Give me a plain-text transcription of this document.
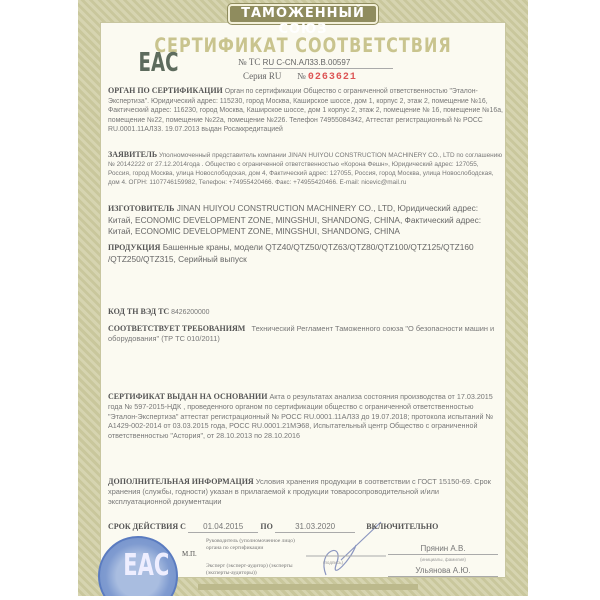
ТАМОЖЕННЫЙ СОЮЗ
СЕРТИФИКАТ СООТВЕТСТВИЯ
EAC	№ ТС RU C-CN.АЛ33.В.00597
Серия RU № 0263621
ОРГАН ПО СЕРТИФИКАЦИИ Орган по сертификации Общество с ограниченной ответственностью "Эталон-Экспертиза". Юридический адрес: 115230, город Москва, Каширское шоссе, дом 1, корпус 2, этаж 2, помещение №16, Фактический адрес: 116230, город Москва, Каширское шоссе, дом 1 корпус 2, этаж 2, помещение № 16, помещение №16а, помещение №22, помещение №22а, помещение №226. Телефон 74955084342, Аттестат регистрационный № РОСС RU.0001.11АЛ33. 19.07.2013 выдан Росаккредитацией
ЗАЯВИТЕЛЬ Уполномоченный представитель компании JINAN HUIYOU CONSTRUCTION MACHINERY CO., LTD по соглашению № 20142222 от 27.12.2014года . Общество с ограниченной ответственностью «Корона Фешн», Юридический адрес: 127055, Россия, город Москва, улица Новослободская, дом 4, Фактический адрес: 127055, Россия, город Москва, улица Новослободская, дом 4. ОГРН: 1107746159982, Телефон: +74955420466. Факс: +74955420466. E-mail: nicevic@mail.ru
ИЗГОТОВИТЕЛЬ JINAN HUIYOU CONSTRUCTION MACHINERY CO., LTD, Юридический адрес: Китай, ECONOMIC DEVELOPMENT ZONE, MINGSHUI, SHANDONG, CHINA, Фактический адрес: Китай, ECONOMIC DEVELOPMENT ZONE, MINGSHUI, SHANDONG, CHINA
ПРОДУКЦИЯ Башенные краны, модели QTZ40/QTZ50/QTZ63/QTZ80/QTZ100/QTZ125/QTZ160 /QTZ250/QTZ315, Серийный выпуск
КОД ТН ВЭД ТС 8426200000
СООТВЕТСТВУЕТ ТРЕБОВАНИЯМ Технический Регламент Таможенного союза "О безопасности машин и оборудования" (ТР ТС 010/2011)
СЕРТИФИКАТ ВЫДАН НА ОСНОВАНИИ Акта о результатах анализа состояния производства от 17.03.2015 года № 597-2015-НДК , проведенного органом по сертификации общество с ограниченной ответственностью "Эталон-Экспертиза" аттестат регистрационный № РОСС RU.0001.11АЛ33 до 19.07.2018; протокола испытаний № А1429-002-2014 от 03.03.2015 года, РОСС RU.0001.21МЭ68, Испытательный центр Общество с ограниченной ответственностью "Астория", от 28.10.2013 по 28.10.2016
ДОПОЛНИТЕЛЬНАЯ ИНФОРМАЦИЯ Условия хранения продукции в соответствии с ГОСТ 15150-69. Срок хранения (службы, годности) указан в прилагаемой к продукции товаросопроводительной и/или эксплуатационной документации
СРОК ДЕЙСТВИЯ С 01.04.2015 ПО	31.03.2020	ВКЛЮЧИТЕЛЬНО
ЕАС М.П.
Руководитель (уполномоченное лицо) органа по сертификации
Эксперт (эксперт-аудитор) (эксперты (эксперты-аудиторы))
(подпись)
Прянин А.В.
(инициалы, фамилия)
Ульянова А.Ю.
